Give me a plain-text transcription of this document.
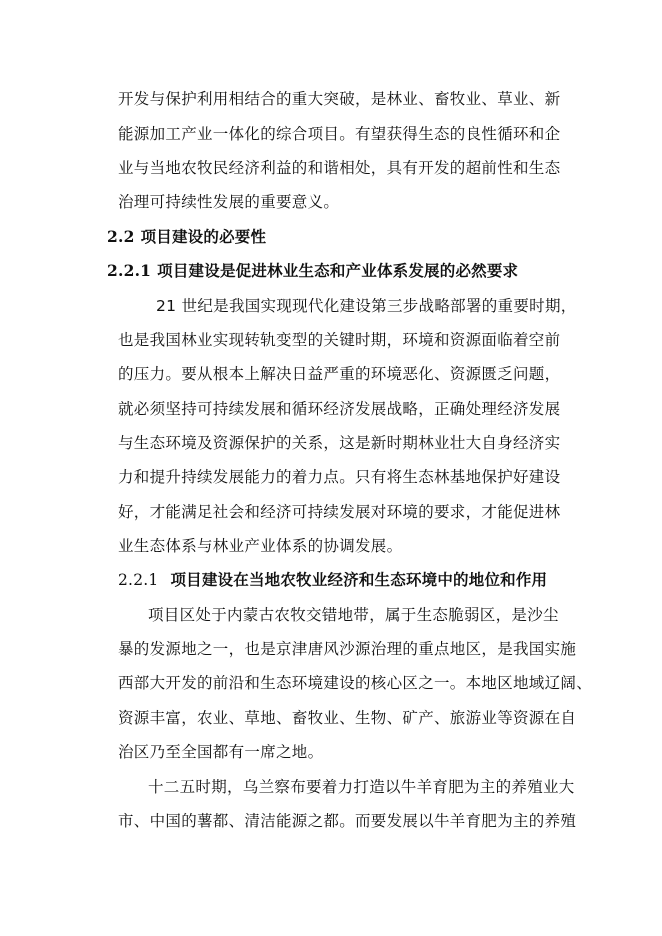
开发与保护利用相结合的重大突破，是林业、畜牧业、草业、新
能源加工产业一体化的综合项目。有望获得生态的良性循环和企
业与当地农牧民经济利益的和谐相处，具有开发的超前性和生态
治理可持续性发展的重要意义。
2.2 项目建设的必要性
2.2.1 项目建设是促进林业生态和产业体系发展的必然要求
21 世纪是我国实现现代化建设第三步战略部署的重要时期，
也是我国林业实现转轨变型的关键时期，环境和资源面临着空前
的压力。要从根本上解决日益严重的环境恶化、资源匮乏问题，
就必须坚持可持续发展和循环经济发展战略，正确处理经济发展
与生态环境及资源保护的关系，这是新时期林业壮大自身经济实
力和提升持续发展能力的着力点。只有将生态林基地保护好建设
好，才能满足社会和经济可持续发展对环境的要求，才能促进林
业生态体系与林业产业体系的协调发展。
2.2.1 项目建设在当地农牧业经济和生态环境中的地位和作用
项目区处于内蒙古农牧交错地带，属于生态脆弱区，是沙尘
暴的发源地之一，也是京津唐风沙源治理的重点地区，是我国实施
西部大开发的前沿和生态环境建设的核心区之一。本地区地域辽阔、
资源丰富，农业、草地、畜牧业、生物、矿产、旅游业等资源在自
治区乃至全国都有一席之地。
十二五时期，乌兰察布要着力打造以牛羊育肥为主的养殖业大
市、中国的薯都、清洁能源之都。而要发展以牛羊育肥为主的养殖
